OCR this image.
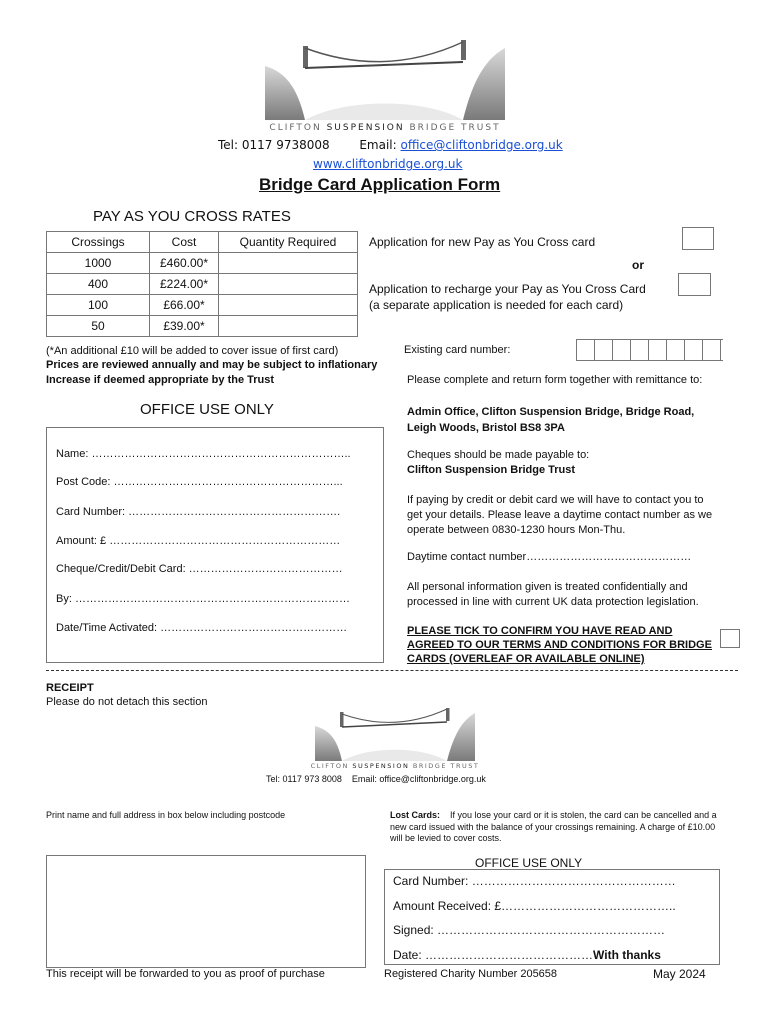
CLIFTON SUSPENSION BRIDGE TRUST
Tel: 0117 9738008 Email: office@cliftonbridge.org.uk
www.cliftonbridge.org.uk
Bridge Card Application Form
PAY AS YOU CROSS RATES
Crossings	Cost	Quantity Required
1000	£460.00*	
400	£224.00*	
100	£66.00*	
50	£39.00*	
(*An additional £10 will be added to cover issue of first card)
Prices are reviewed annually and may be subject to inflationary
Increase if deemed appropriate by the Trust
Application for new Pay as You Cross card
or
Application to recharge your Pay as You Cross Card (a separate application is needed for each card)
Existing card number:
OFFICE USE ONLY
Name: ……………………………………………………………..
Post Code: ……………………………………………………...
Card Number: ………………………………………………….
Amount: £ ………………………………………………………
Cheque/Credit/Debit Card: ……………………………………
By: …………………………………………………………………
Date/Time Activated: ……………………………………………
Please complete and return form together with remittance to:
Admin Office, Clifton Suspension Bridge, Bridge Road, Leigh Woods, Bristol BS8 3PA
Cheques should be made payable to:
Clifton Suspension Bridge Trust
If paying by credit or debit card we will have to contact you to get your details. Please leave a daytime contact number as we operate between 0830-1230 hours Mon-Thu.
Daytime contact number………………………………………
All personal information given is treated confidentially and processed in line with current UK data protection legislation.
PLEASE TICK TO CONFIRM YOU HAVE READ AND AGREED TO OUR TERMS AND CONDITIONS FOR BRIDGE CARDS (OVERLEAF OR AVAILABLE ONLINE)
RECEIPT
Please do not detach this section
CLIFTON SUSPENSION BRIDGE TRUST
Tel: 0117 973 8008    Email: office@cliftonbridge.org.uk
Print name and full address in box below including postcode	Lost Cards: If you lose your card or it is stolen, the card can be cancelled and a new card issued with the balance of your crossings remaining. A charge of £10.00 will be levied to cover costs.
OFFICE USE ONLY
Card Number: ……………………………………………
Amount Received: £……………………………………..
Signed: …………………………………………………
Date: ……………………………………With thanks
This receipt will be forwarded to you as proof of purchase	Registered Charity Number 205658	May 2024
